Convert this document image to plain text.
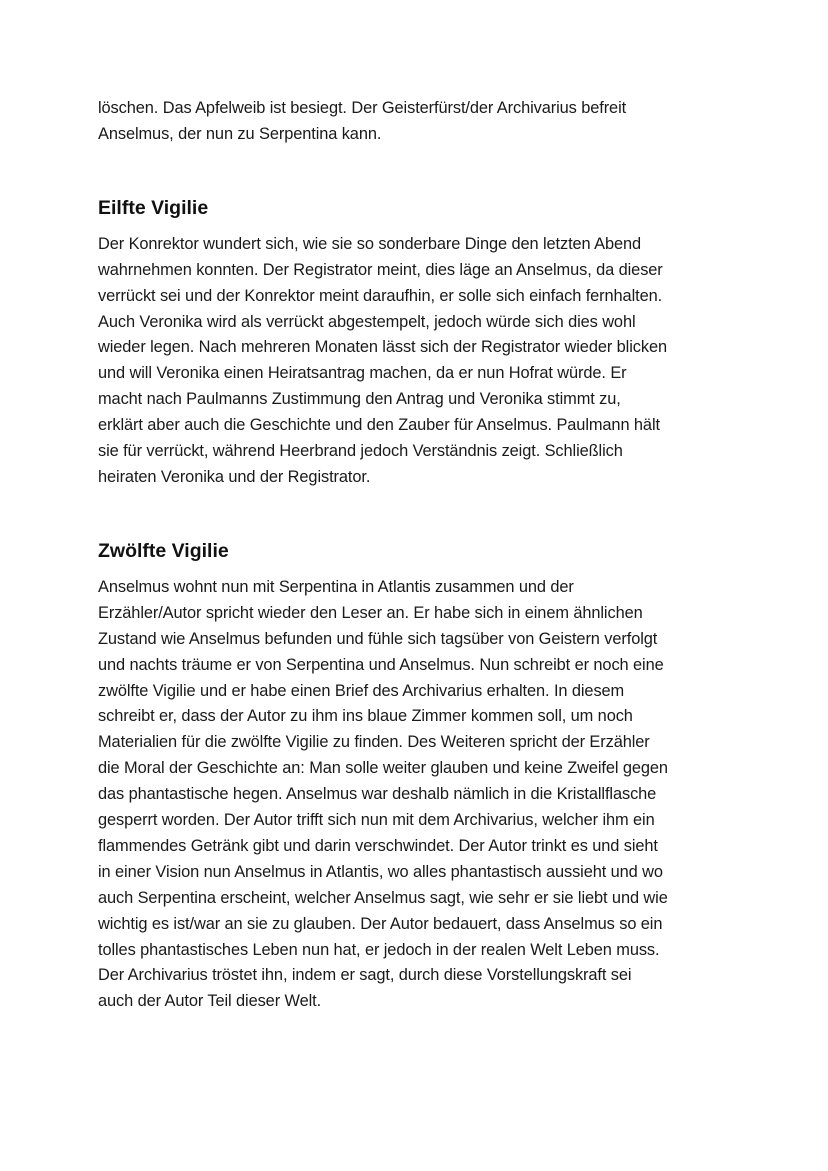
löschen. Das Apfelweib ist besiegt. Der Geisterfürst/der Archivarius befreit
Anselmus, der nun zu Serpentina kann.

Eilfte Vigilie

Der Konrektor wundert sich, wie sie so sonderbare Dinge den letzten Abend
wahrnehmen konnten. Der Registrator meint, dies läge an Anselmus, da dieser
verrückt sei und der Konrektor meint daraufhin, er solle sich einfach fernhalten.
Auch Veronika wird als verrückt abgestempelt, jedoch würde sich dies wohl
wieder legen. Nach mehreren Monaten lässt sich der Registrator wieder blicken
und will Veronika einen Heiratsantrag machen, da er nun Hofrat würde. Er
macht nach Paulmanns Zustimmung den Antrag und Veronika stimmt zu,
erklärt aber auch die Geschichte und den Zauber für Anselmus. Paulmann hält
sie für verrückt, während Heerbrand jedoch Verständnis zeigt. Schließlich
heiraten Veronika und der Registrator.

Zwölfte Vigilie

Anselmus wohnt nun mit Serpentina in Atlantis zusammen und der
Erzähler/Autor spricht wieder den Leser an. Er habe sich in einem ähnlichen
Zustand wie Anselmus befunden und fühle sich tagsüber von Geistern verfolgt
und nachts träume er von Serpentina und Anselmus. Nun schreibt er noch eine
zwölfte Vigilie und er habe einen Brief des Archivarius erhalten. In diesem
schreibt er, dass der Autor zu ihm ins blaue Zimmer kommen soll, um noch
Materialien für die zwölfte Vigilie zu finden. Des Weiteren spricht der Erzähler
die Moral der Geschichte an: Man solle weiter glauben und keine Zweifel gegen
das phantastische hegen. Anselmus war deshalb nämlich in die Kristallflasche
gesperrt worden. Der Autor trifft sich nun mit dem Archivarius, welcher ihm ein
flammendes Getränk gibt und darin verschwindet. Der Autor trinkt es und sieht
in einer Vision nun Anselmus in Atlantis, wo alles phantastisch aussieht und wo
auch Serpentina erscheint, welcher Anselmus sagt, wie sehr er sie liebt und wie
wichtig es ist/war an sie zu glauben. Der Autor bedauert, dass Anselmus so ein
tolles phantastisches Leben nun hat, er jedoch in der realen Welt Leben muss.
Der Archivarius tröstet ihn, indem er sagt, durch diese Vorstellungskraft sei
auch der Autor Teil dieser Welt.
